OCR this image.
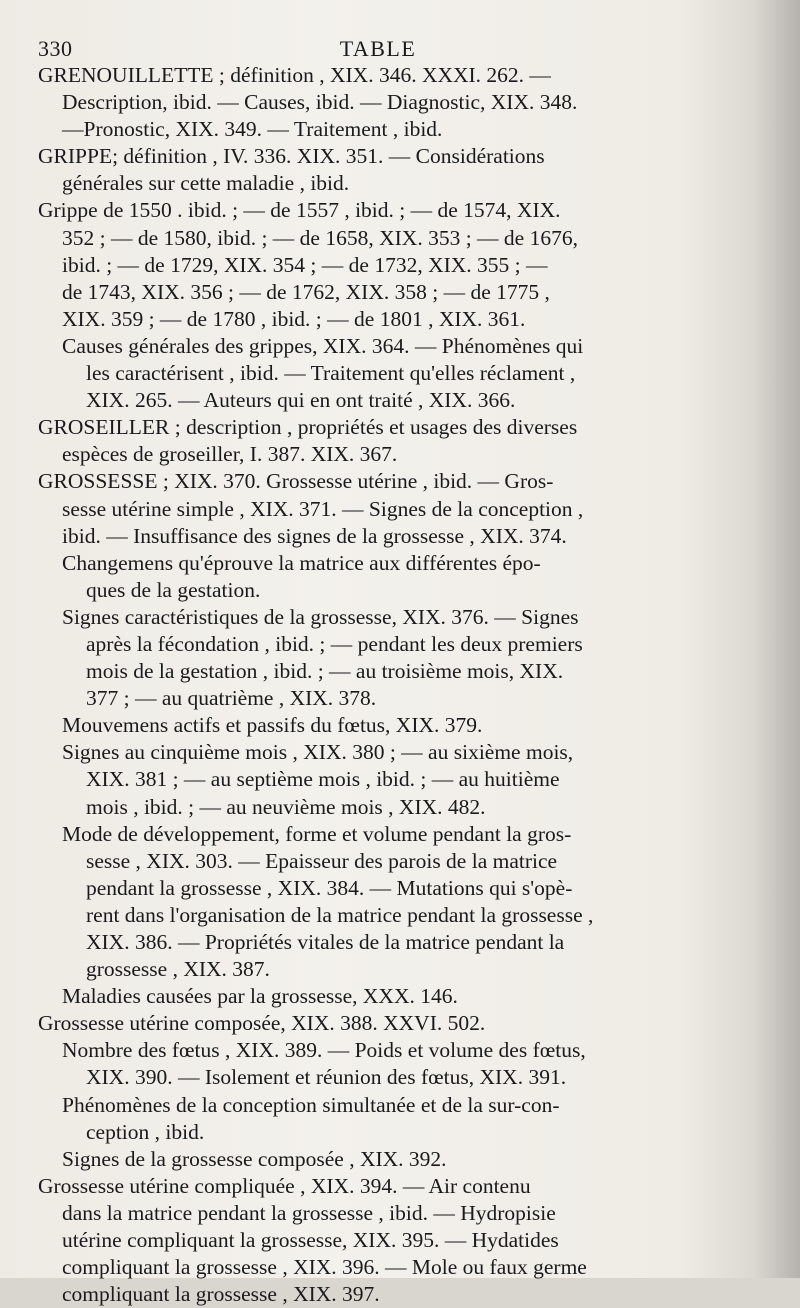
330	TABLE
GRENOUILLETTE ; définition , XIX. 346. XXXI. 262. —
Description, ibid. — Causes, ibid. — Diagnostic, XIX. 348.
—Pronostic, XIX. 349. — Traitement , ibid.
GRIPPE; définition , IV. 336. XIX. 351. — Considérations
générales sur cette maladie , ibid.
Grippe de 1550 . ibid. ; — de 1557 , ibid. ; — de 1574, XIX.
352 ; — de 1580, ibid. ; — de 1658, XIX. 353 ; — de 1676,
ibid. ; — de 1729, XIX. 354 ; — de 1732, XIX. 355 ; —
de 1743, XIX. 356 ; — de 1762, XIX. 358 ; — de 1775 ,
XIX. 359 ; — de 1780 , ibid. ; — de 1801 , XIX. 361.
Causes générales des grippes, XIX. 364. — Phénomènes qui
les caractérisent , ibid. — Traitement qu'elles réclament ,
XIX. 265. — Auteurs qui en ont traité , XIX. 366.
GROSEILLER ; description , propriétés et usages des diverses
espèces de groseiller, I. 387. XIX. 367.
GROSSESSE ; XIX. 370. Grossesse utérine , ibid. — Gros-
sesse utérine simple , XIX. 371. — Signes de la conception ,
ibid. — Insuffisance des signes de la grossesse , XIX. 374.
Changemens qu'éprouve la matrice aux différentes épo-
ques de la gestation.
Signes caractéristiques de la grossesse, XIX. 376. — Signes
après la fécondation , ibid. ; — pendant les deux premiers
mois de la gestation , ibid. ; — au troisième mois, XIX.
377 ; — au quatrième , XIX. 378.
Mouvemens actifs et passifs du fœtus, XIX. 379.
Signes au cinquième mois , XIX. 380 ; — au sixième mois,
XIX. 381 ; — au septième mois , ibid. ; — au huitième
mois , ibid. ; — au neuvième mois , XIX. 482.
Mode de développement, forme et volume pendant la gros-
sesse , XIX. 303. — Epaisseur des parois de la matrice
pendant la grossesse , XIX. 384. — Mutations qui s'opè-
rent dans l'organisation de la matrice pendant la grossesse ,
XIX. 386. — Propriétés vitales de la matrice pendant la
grossesse , XIX. 387.
Maladies causées par la grossesse, XXX. 146.
Grossesse utérine composée, XIX. 388. XXVI. 502.
Nombre des fœtus , XIX. 389. — Poids et volume des fœtus,
XIX. 390. — Isolement et réunion des fœtus, XIX. 391.
Phénomènes de la conception simultanée et de la sur-con-
ception , ibid.
Signes de la grossesse composée , XIX. 392.
Grossesse utérine compliquée , XIX. 394. — Air contenu
dans la matrice pendant la grossesse , ibid. — Hydropisie
utérine compliquant la grossesse, XIX. 395. — Hydatides
compliquant la grossesse , XIX. 396. — Mole ou faux germe
compliquant la grossesse , XIX. 397.
